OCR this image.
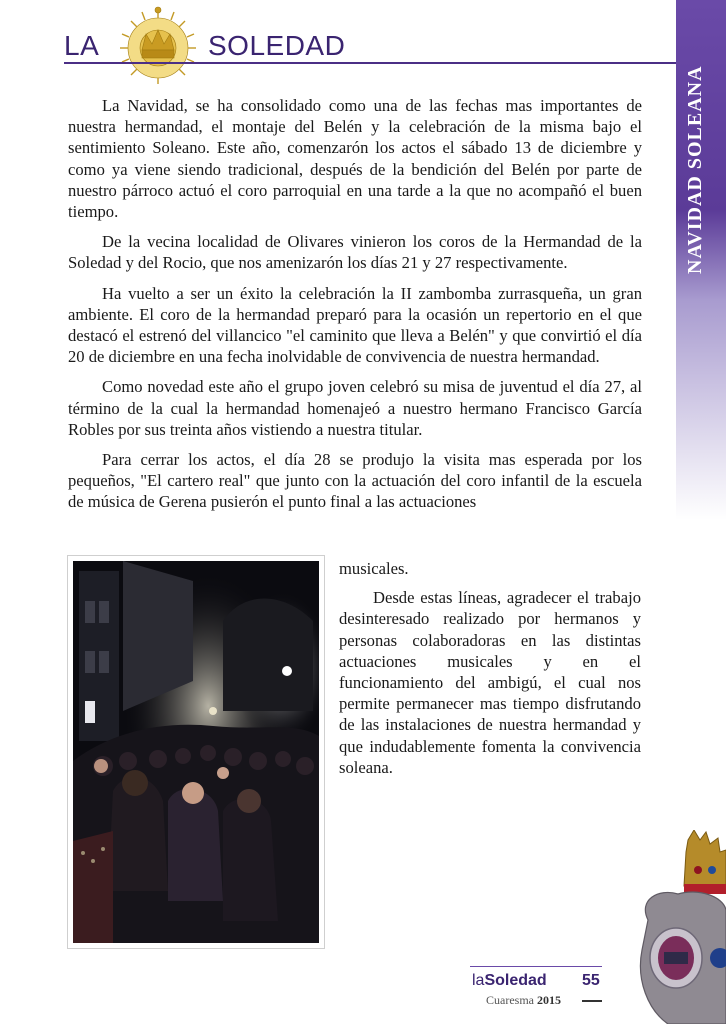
LA	SOLEDAD
NAVIDAD SOLEANA

La Navidad, se ha consolidado como una de las fechas mas importantes de nuestra hermandad, el montaje del Belén y la celebración de la misma bajo el sentimiento Soleano. Este año, comenzarón los actos el sábado 13 de diciembre y como ya viene siendo tradicional, después de la bendición del Belén por parte de nuestro párroco actuó el coro parroquial en una tarde a la que no acompañó el buen tiempo.

De la vecina localidad de Olivares vinieron los coros de la Hermandad de la Soledad y del Rocio, que nos amenizarón los días 21 y 27 respectivamente.

Ha vuelto a ser un éxito la celebración la II zambomba zurrasqueña, un gran ambiente. El coro de la hermandad preparó para la ocasión un repertorio en el que destacó el estrenó del villancico "el caminito que lleva a Belén" y que convirtió el día 20 de diciembre en una fecha inolvidable de convivencia de nuestra hermandad.

Como novedad este año el grupo joven celebró su misa de juventud el día 27, al término de la cual la hermandad homenajeó a nuestro hermano Francisco García Robles por sus treinta años vistiendo a nuestra titular.

Para cerrar los actos, el día 28 se produjo la visita mas esperada por los pequeños, "El cartero real" que junto con la actuación del coro infantil de la escuela de música de Gerena pusierón el punto final a las actuaciones

musicales.

Desde estas líneas, agradecer el trabajo desinteresado realizado por hermanos y personas colaboradoras en las distintas actuaciones musicales y en el funcionamiento del ambigú, el cual nos permite permanecer mas tiempo disfrutando de las instalaciones de nuestra hermandad y que indudablemente fomenta la convivencia soleana.

laSoledad 55
Cuaresma 2015
